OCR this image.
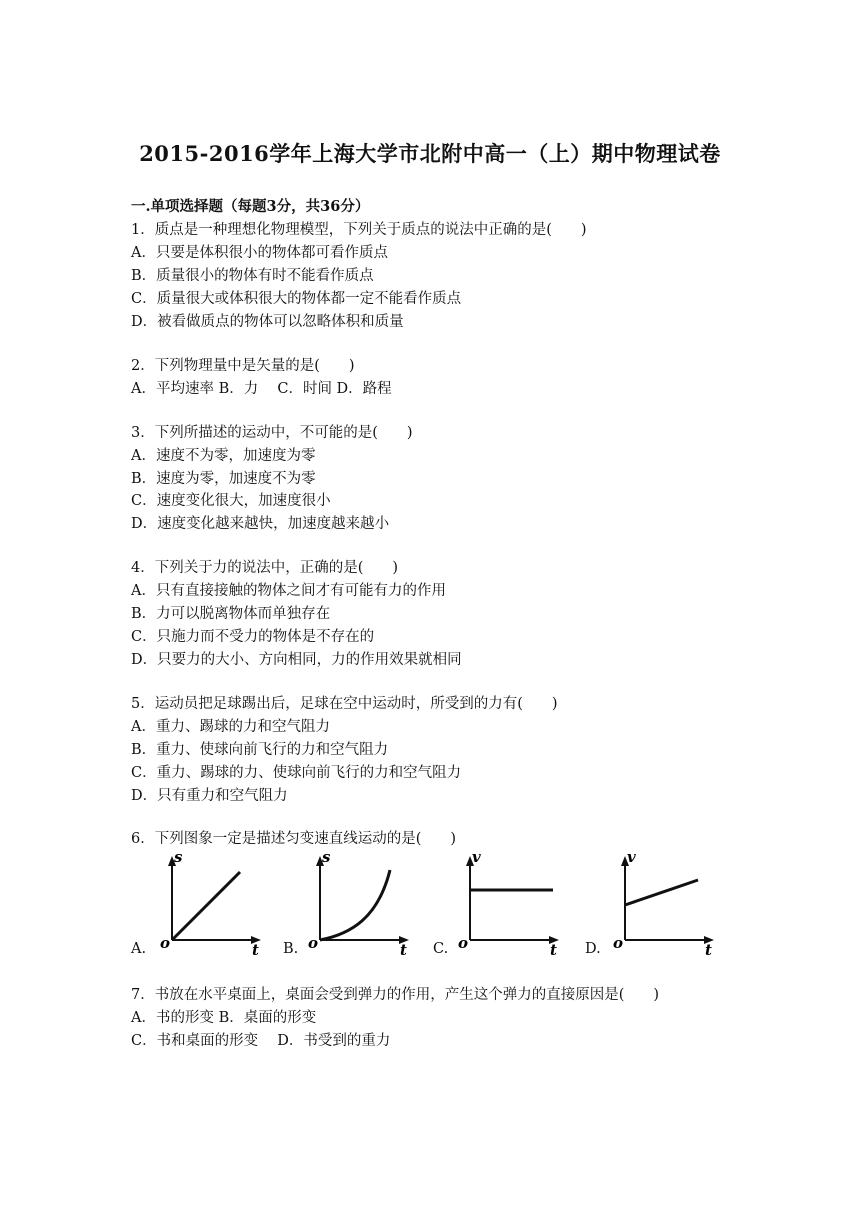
2015-2016学年上海大学市北附中高一（上）期中物理试卷
一.单项选择题（每题3分，共36分）
1．质点是一种理想化物理模型，下列关于质点的说法中正确的是(　　)
A．只要是体积很小的物体都可看作质点
B．质量很小的物体有时不能看作质点
C．质量很大或体积很大的物体都一定不能看作质点
D．被看做质点的物体可以忽略体积和质量
2．下列物理量中是矢量的是(　　)
A．平均速率 B．力　 C．时间 D．路程
3．下列所描述的运动中，不可能的是(　　)
A．速度不为零，加速度为零
B．速度为零，加速度不为零
C．速度变化很大，加速度很小
D．速度变化越来越快，加速度越来越小
4．下列关于力的说法中，正确的是(　　)
A．只有直接接触的物体之间才有可能有力的作用
B．力可以脱离物体而单独存在
C．只施力而不受力的物体是不存在的
D．只要力的大小、方向相同，力的作用效果就相同
5．运动员把足球踢出后，足球在空中运动时，所受到的力有(　　)
A．重力、踢球的力和空气阻力
B．重力、使球向前飞行的力和空气阻力
C．重力、踢球的力、使球向前飞行的力和空气阻力
D．只有重力和空气阻力
6．下列图象一定是描述匀变速直线运动的是(　　)
A.
s
t
o	B.
s
t
o	C.
v
t
o	D.
v
t
o
7．书放在水平桌面上，桌面会受到弹力的作用，产生这个弹力的直接原因是(　　)
A．书的形变 B．桌面的形变
C．书和桌面的形变　 D．书受到的重力
